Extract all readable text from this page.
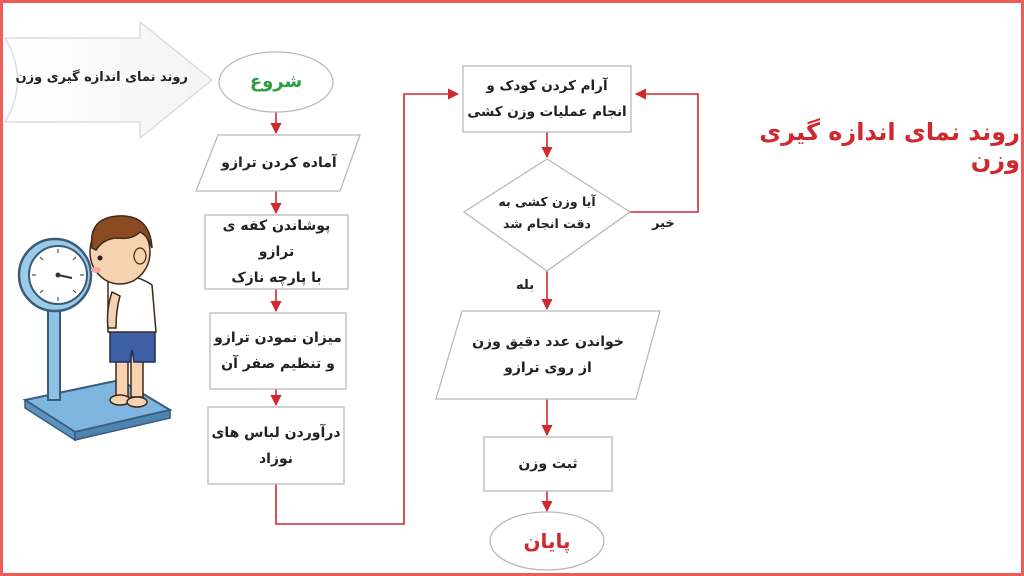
روند نمای اندازه گیری وزن
روند نمای اندازه گیری وزن
شروع
آماده کردن ترازو
پوشاندن کفه ی ترازو
با پارچه نازک
میزان نمودن ترازو
و تنظیم صفر آن
درآوردن لباس های
نوزاد
آرام کردن کودک و
انجام عملیات وزن کشی
آیا وزن کشی به
دقت انجام شد
خواندن عدد دقیق وزن
از روی ترازو
ثبت وزن
پایان
خیر
بله
